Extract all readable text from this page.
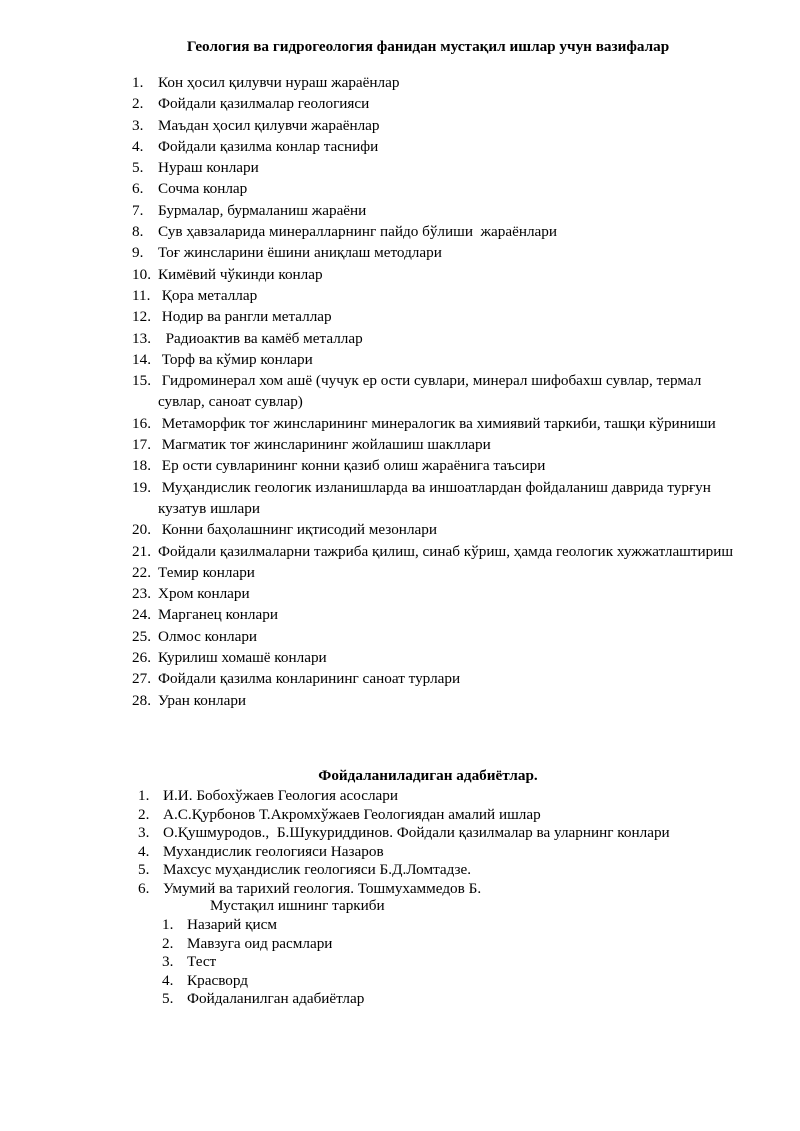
Геология ва гидрогеология фанидан мустақил ишлар учун вазифалар
1. Кон ҳосил қилувчи нураш жараёнлар
2. Фойдали қазилмалар геологияси
3. Маъдан ҳосил қилувчи жараёнлар
4. Фойдали қазилма конлар таснифи
5. Нураш конлари
6. Сочма конлар
7. Бурмалар, бурмаланиш жараёни
8. Сув ҳавзаларида минералларнинг пайдо бўлиши  жараёнлари
9. Тоғ жинсларини ёшини аниқлаш методлари
10. Кимёвий чўкинди конлар
11. Қора металлар
12. Нодир ва рангли металлар
13. Радиоактив ва камёб металлар
14. Торф ва кўмир конлари
15. Гидроминерал хом ашё (чучук ер ости сувлари, минерал шифобахш сувлар, термал сувлар, саноат сувлар)
16. Метаморфик тоғ жинсларининг минералогик ва химиявий таркиби, ташқи кўриниши
17. Магматик тоғ жинсларининг жойлашиш шакллари
18. Ер ости сувларининг конни қазиб олиш жараёнига таъсири
19. Муҳандислик геологик изланишларда ва иншоатлардан фойдаланиш даврида турғун кузатув ишлари
20. Конни баҳолашнинг иқтисодий мезонлари
21. Фойдали қазилмаларни тажриба қилиш, синаб кўриш, ҳамда геологик хужжатлаштириш
22. Темир конлари
23. Хром конлари
24. Марганец конлари
25. Олмос конлари
26. Курилиш хомашё конлари
27. Фойдали қазилма конларининг саноат турлари
28. Уран конлари
Фойдаланиладиган адабиётлар.
1. И.И. Бобохўжаев Геология асослари
2. А.С.Қурбонов Т.Акромхўжаев Геологиядан амалий ишлар
3. О.Қушмуродов.,  Б.Шукуриддинов. Фойдали қазилмалар ва уларнинг конлари
4. Мухандислик геологияси Назаров
5. Махсус муҳандислик геологияси Б.Д.Ломтадзе.
6. Умумий ва тарихий геология. Тошмухаммедов Б.
Мустақил ишнинг таркиби
1. Назарий қисм
2. Мавзуга оид расмлари
3. Тест
4. Красворд
5. Фойдаланилган адабиётлар
